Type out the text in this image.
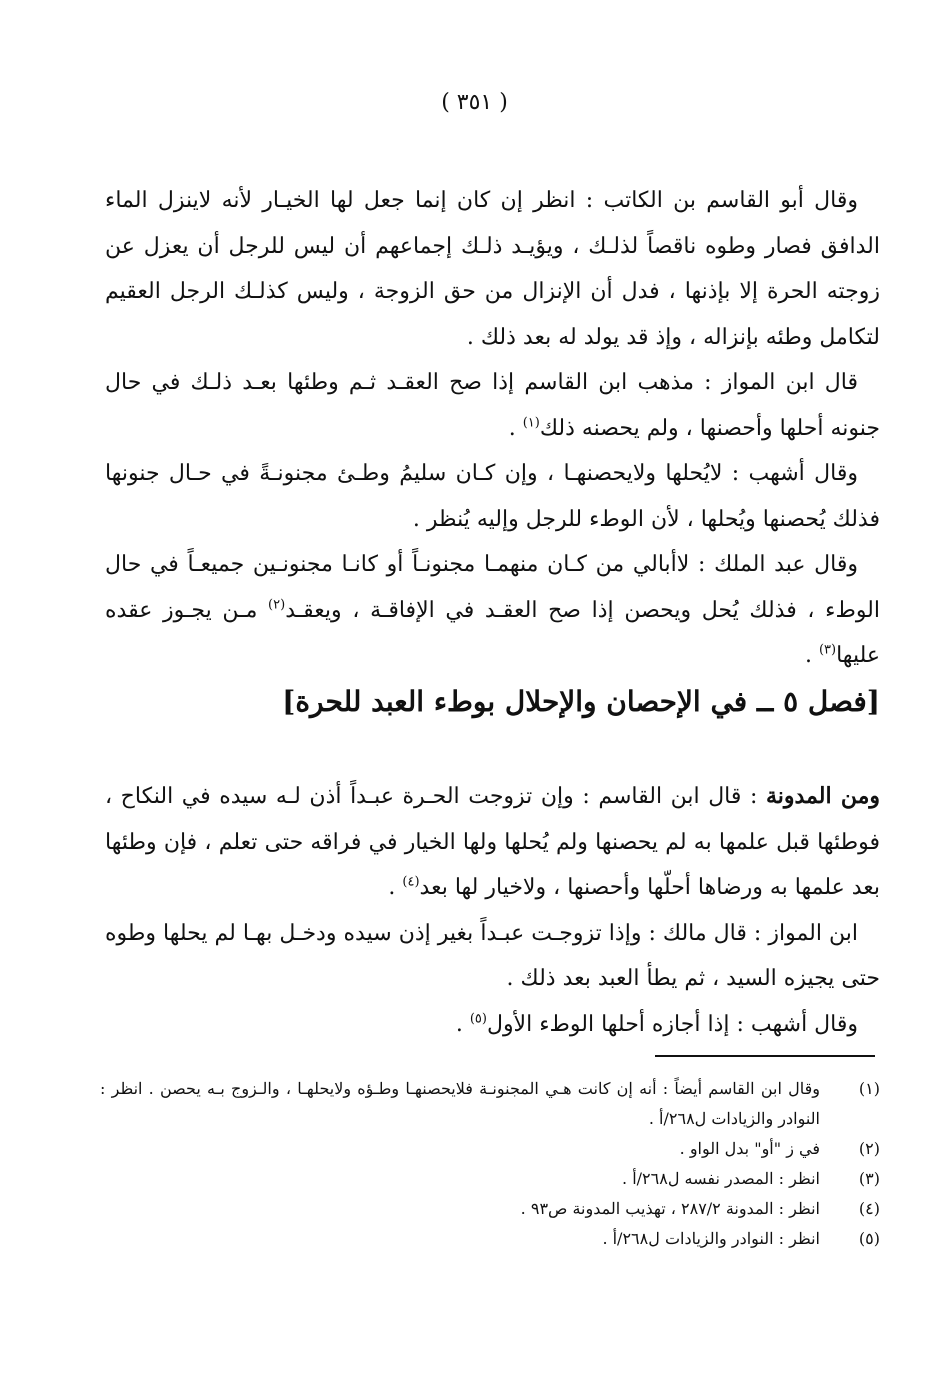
( ٣٥١ )

وقال أبو القاسم بن الكاتب : انظر إن كان إنما جعل لها الخيـار لأنه لاينزل الماء الدافق فصار وطوه ناقصاً لذلـك ، ويؤيـد ذلـك إجماعهم أن ليس للرجل أن يعزل عن زوجته الحرة إلا بإذنها ، فدل أن الإنزال من حق الزوجة ، وليس كذلـك الرجل العقيم لتكامل وطئه بإنزاله ، وإذ قد يولد له بعد ذلك .

قال ابن المواز : مذهب ابن القاسم إذا صح العقـد ثـم وطئها بعـد ذلـك في حال جنونه أحلها وأحصنها ، ولم يحصنه ذلك$^{(١)}$ .

وقال أشهب : لايُحلها ولايحصنهـا ، وإن كـان سليمُ وطـئ مجنونـةً في حـال جنونها فذلك يُحصنها ويُحلها ، لأن الوطء للرجل وإليه يُنظر .

وقال عبد الملك : لاأبالي من كـان منهمـا مجنونـاً أو كانـا مجنونـين جميعـاً في حال الوطء ، فذلك يُحل ويحصن إذا صح العقـد في الإفاقـة ، ويعقـد$^{(٢)}$ مـن يجـوز عقده عليها$^{(٣)}$ .

[فصل ٥ ــ في الإحصان والإحلال بوطء العبد للحرة]

ومن المدونة : قال ابن القاسم : وإن تزوجت الحـرة عبـداً أذن لـه سيده في النكاح ، فوطئها قبل علمها به لم يحصنها ولم يُحلها ولها الخيار في فراقه حتى تعلم ، فإن وطئها بعد علمها به ورضاها أحلّها وأحصنها ، ولاخيار لها بعد$^{(٤)}$ .

ابن المواز : قال مالك : وإذا تزوجـت عبـداً بغير إذن سيده ودخـل بهـا لم يحلها وطوه حتى يجيزه السيد ، ثم يطأ العبد بعد ذلك .

وقال أشهب : إذا أجازه أحلها الوطء الأول$^{(٥)}$ .

(١)
وقال ابن القاسم أيضاً : أنه إن كانت هـي المجنونـة فلايحصنهـا وطـؤه ولايحلهـا ، والـزوج بـه يحصن . انظر : النوادر والزيادات ل٢٦٨/أ .
(٢)
في ز "أو" بدل الواو .
(٣)
انظر : المصدر نفسه ل٢٦٨/أ .
(٤)
انظر : المدونة ٢٨٧/٢ ، تهذيب المدونة ص٩٣ .
(٥)
انظر : النوادر والزيادات ل٢٦٨/أ .
